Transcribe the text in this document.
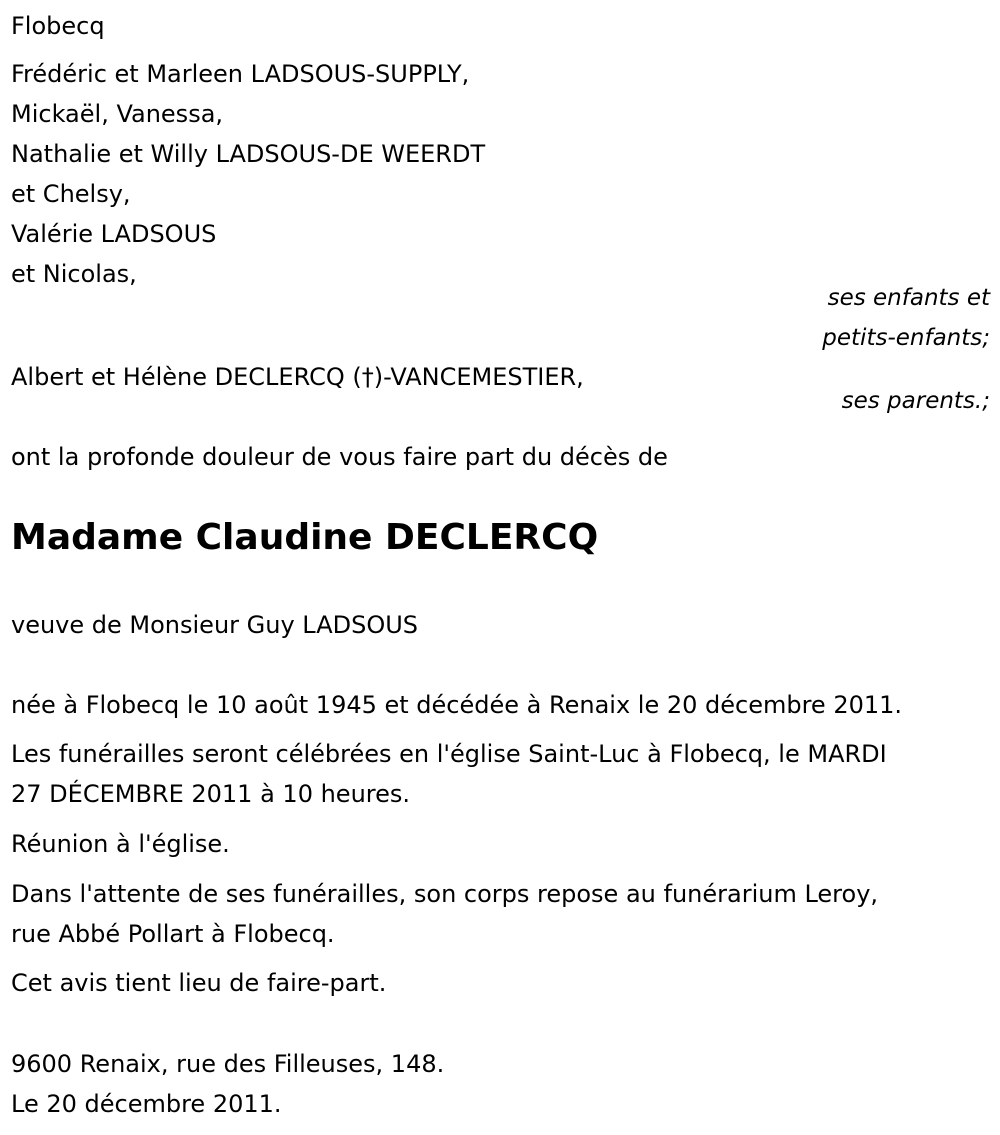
Flobecq
Frédéric et Marleen LADSOUS-SUPPLY,
Mickaël, Vanessa,
Nathalie et Willy LADSOUS-DE WEERDT
et Chelsy,
Valérie LADSOUS
et Nicolas,
ses enfants et
petits-enfants;
Albert et Hélène DECLERCQ (†)-VANCEMESTIER,
ses parents.;
ont la profonde douleur de vous faire part du décès de
Madame Claudine DECLERCQ
veuve de Monsieur Guy LADSOUS
née à Flobecq le 10 août 1945 et décédée à Renaix le 20 décembre 2011.
Les funérailles seront célébrées en l'église Saint-Luc à Flobecq, le MARDI
27 DÉCEMBRE 2011 à 10 heures.
Réunion à l'église.
Dans l'attente de ses funérailles, son corps repose au funérarium Leroy,
rue Abbé Pollart à Flobecq.
Cet avis tient lieu de faire-part.
9600 Renaix, rue des Filleuses, 148.
Le 20 décembre 2011.
